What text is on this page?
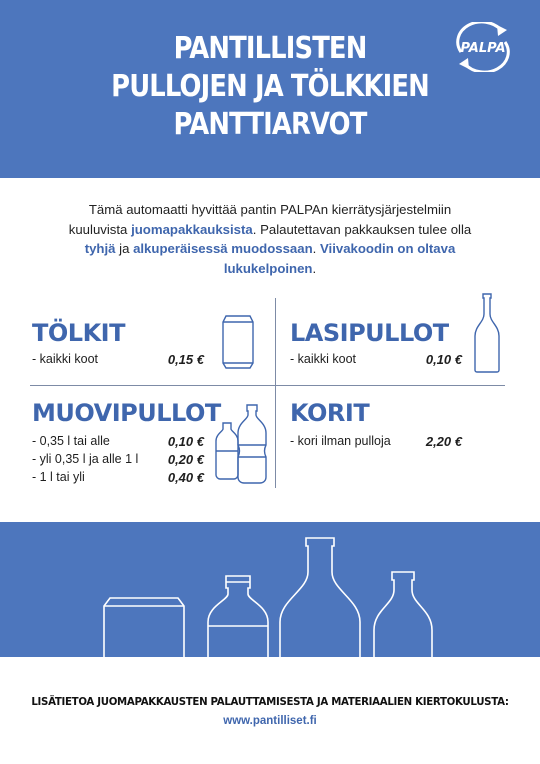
PANTILLISTEN
PULLOJEN JA TÖLKKIEN
PANTTIARVOT
PALPA
Tämä automaatti hyvittää pantin PALPAn kierrätysjärjestelmiin kuuluvista juomapakkauksista. Palautettavan pakkauksen tulee olla tyhjä ja alkuperäisessä muodossaan. Viivakoodin on oltava lukukelpoinen.
TÖLKIT
- kaikki koot	0,15 €
LASIPULLOT
- kaikki koot	0,10 €
MUOVIPULLOT
- 0,35 l tai alle	0,10 €
- yli 0,35 l ja alle 1 l 0,20 €
- 1 l tai yli	0,40 €
KORIT
- kori ilman pulloja	2,20 €
LISÄTIETOA JUOMAPAKKAUSTEN PALAUTTAMISESTA JA MATERIAALIEN KIERTOKULUSTA:
www.pantilliset.fi
